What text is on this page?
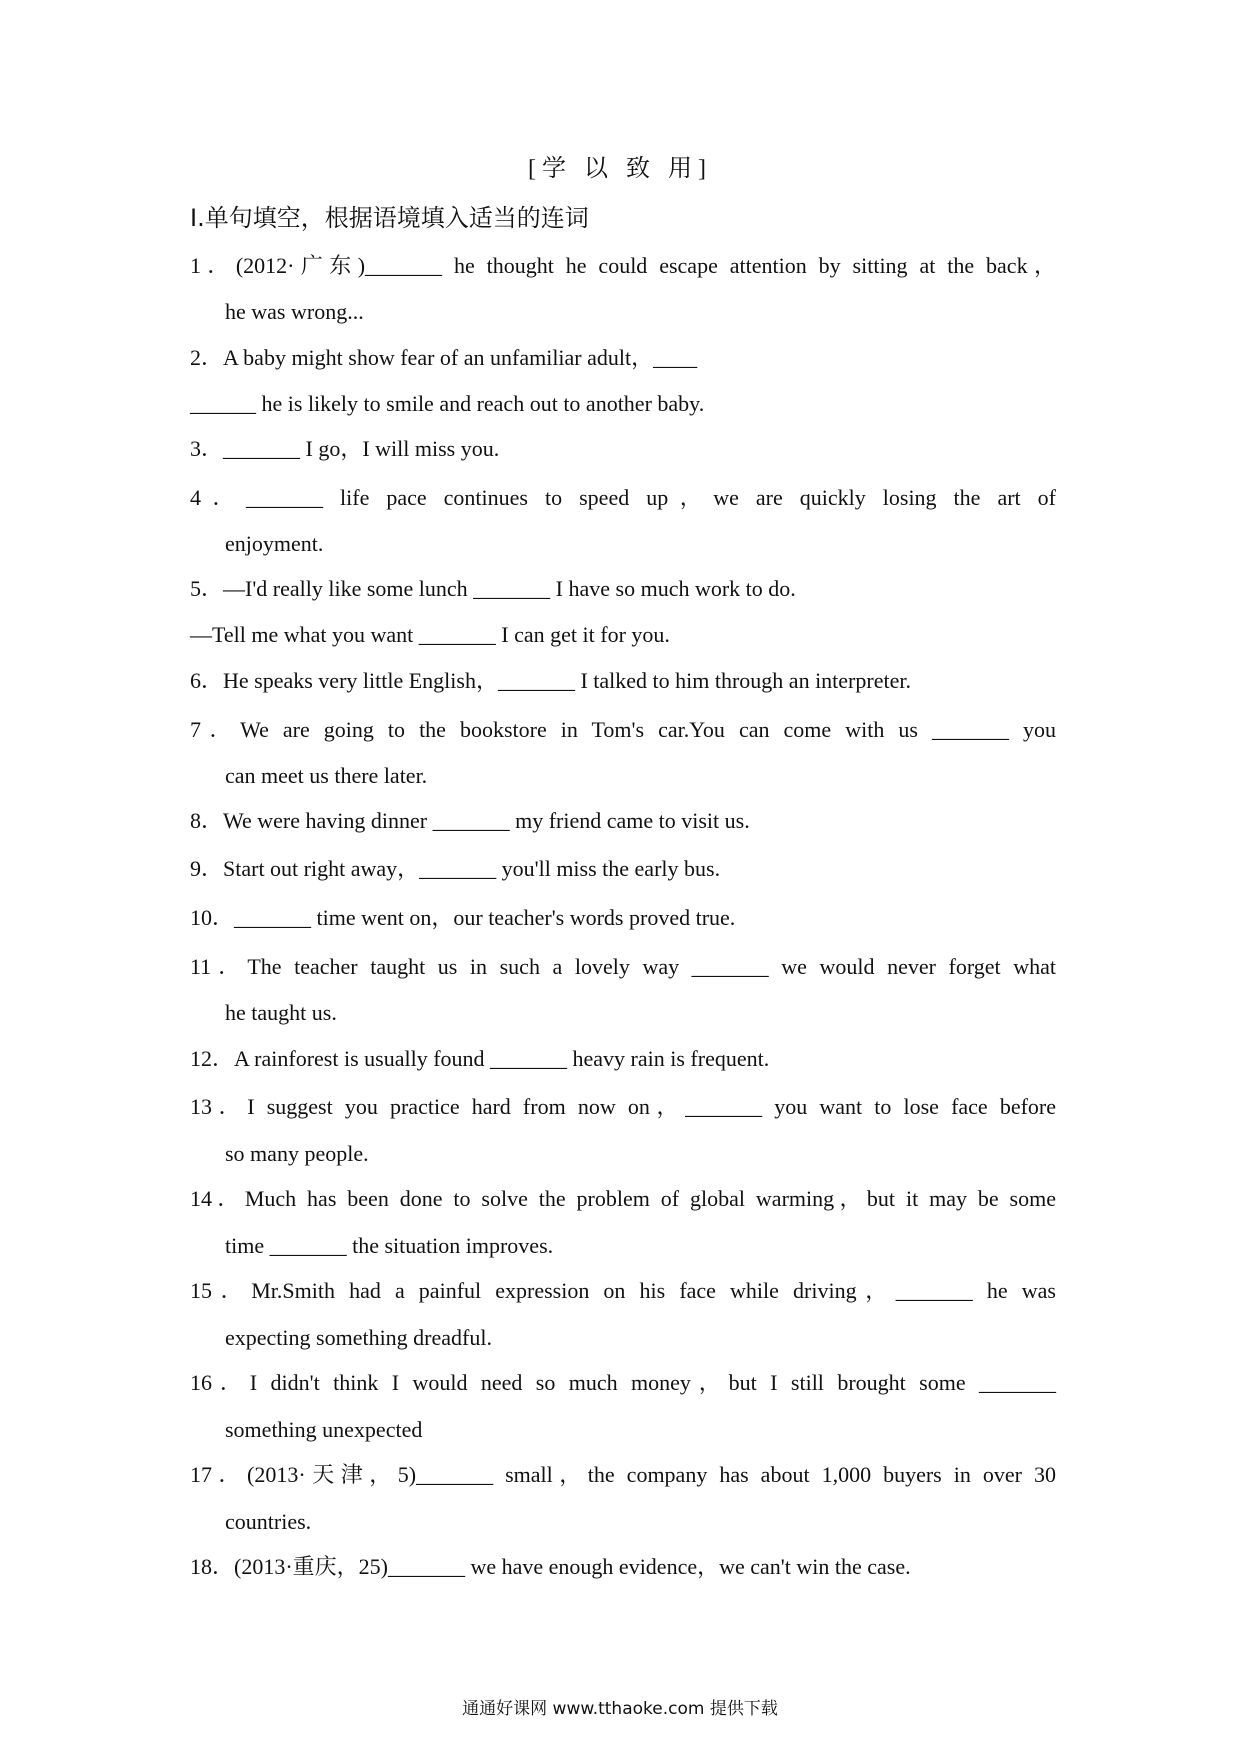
[学 以 致 用]
Ⅰ.单句填空，根据语境填入适当的连词
1．(2012·广东)_______ he thought he could escape attention by sitting at the back，
he was wrong...
2．A baby might show fear of an unfamiliar adult，____
______ he is likely to smile and reach out to another baby.
3．_______ I go，I will miss you.
4．_______ life pace continues to speed up，we are quickly losing the art of
enjoyment.
5．—I'd really like some lunch _______ I have so much work to do.
—Tell me what you want _______ I can get it for you.
6．He speaks very little English，_______ I talked to him through an interpreter.
7．We are going to the bookstore in Tom's car.You can come with us _______ you
can meet us there later.
8．We were having dinner _______ my friend came to visit us.
9．Start out right away，_______ you'll miss the early bus.
10．_______ time went on，our teacher's words proved true.
11．The teacher taught us in such a lovely way _______ we would never forget what
he taught us.
12．A rainforest is usually found _______ heavy rain is frequent.
13．I suggest you practice hard from now on，_______ you want to lose face before
so many people.
14．Much has been done to solve the problem of global warming，but it may be some
time _______ the situation improves.
15．Mr.Smith had a painful expression on his face while driving，_______ he was
expecting something dreadful.
16．I didn't think I would need so much money，but I still brought some _______
something unexpected
17．(2013·天津，5)_______ small，the company has about 1,000 buyers in over 30
countries.
18．(2013·重庆，25)_______ we have enough evidence，we can't win the case.
通通好课网 www.tthaoke.com 提供下载
